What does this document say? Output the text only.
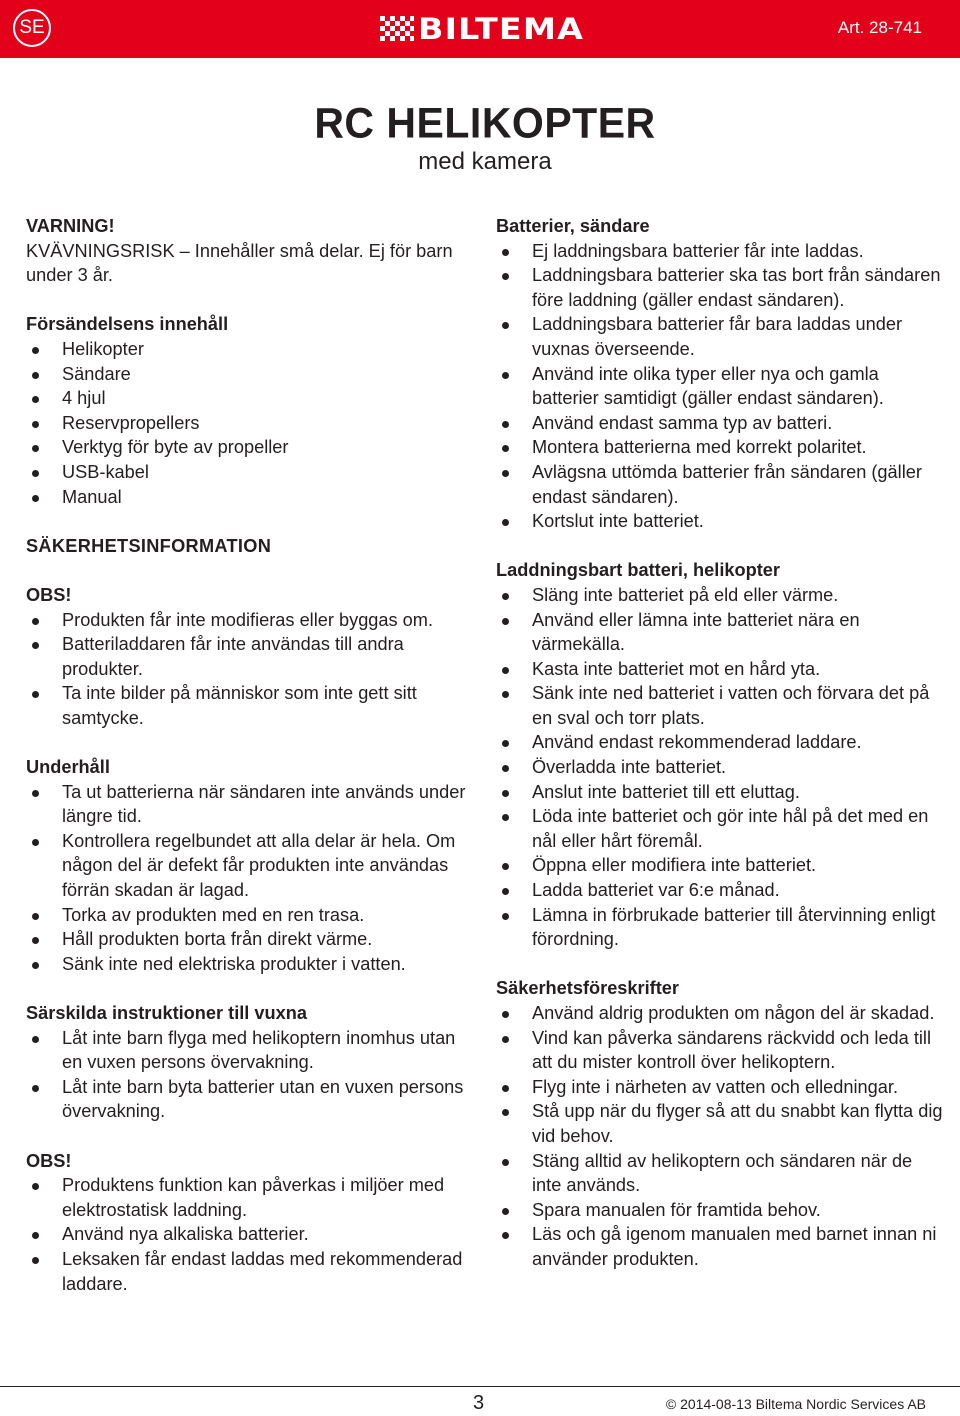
SE	BILTEMA	Art. 28-741
RC HELIKOPTER
med kamera

VARNING!

KVÄVNINGSRISK – Innehåller små delar. Ej för barn under 3 år.

Försändelsens innehåll

Helikopter
Sändare
4 hjul
Reservpropellers
Verktyg för byte av propeller
USB-kabel
Manual

SÄKERHETSINFORMATION

OBS!

Produkten får inte modifieras eller byggas om.
Batteriladdaren får inte användas till andra produkter.
Ta inte bilder på människor som inte gett sitt samtycke.

Underhåll

Ta ut batterierna när sändaren inte används under längre tid.
Kontrollera regelbundet att alla delar är hela. Om någon del är defekt får produkten inte användas förrän skadan är lagad.
Torka av produkten med en ren trasa.
Håll produkten borta från direkt värme.
Sänk inte ned elektriska produkter i vatten.

Särskilda instruktioner till vuxna

Låt inte barn flyga med helikoptern inomhus utan en vuxen persons övervakning.
Låt inte barn byta batterier utan en vuxen persons övervakning.

OBS!

Produktens funktion kan påverkas i miljöer med elektrostatisk laddning.
Använd nya alkaliska batterier.
Leksaken får endast laddas med rekommenderad laddare.

Batterier, sändare

Ej laddningsbara batterier får inte laddas.
Laddningsbara batterier ska tas bort från sändaren före laddning (gäller endast sändaren).
Laddningsbara batterier får bara laddas under vuxnas överseende.
Använd inte olika typer eller nya och gamla batterier samtidigt (gäller endast sändaren).
Använd endast samma typ av batteri.
Montera batterierna med korrekt polaritet.
Avlägsna uttömda batterier från sändaren (gäller endast sändaren).
Kortslut inte batteriet.

Laddningsbart batteri, helikopter

Släng inte batteriet på eld eller värme.
Använd eller lämna inte batteriet nära en värmekälla.
Kasta inte batteriet mot en hård yta.
Sänk inte ned batteriet i vatten och förvara det på en sval och torr plats.
Använd endast rekommenderad laddare.
Överladda inte batteriet.
Anslut inte batteriet till ett eluttag.
Löda inte batteriet och gör inte hål på det med en nål eller hårt föremål.
Öppna eller modifiera inte batteriet.
Ladda batteriet var 6:e månad.
Lämna in förbrukade batterier till återvinning enligt förordning.

Säkerhetsföreskrifter

Använd aldrig produkten om någon del är skadad.
Vind kan påverka sändarens räckvidd och leda till att du mister kontroll över helikoptern.
Flyg inte i närheten av vatten och elledningar.
Stå upp när du flyger så att du snabbt kan flytta dig vid behov.
Stäng alltid av helikoptern och sändaren när de inte används.
Spara manualen för framtida behov.
Läs och gå igenom manualen med barnet innan ni använder produkten.
3	© 2014-08-13 Biltema Nordic Services AB
